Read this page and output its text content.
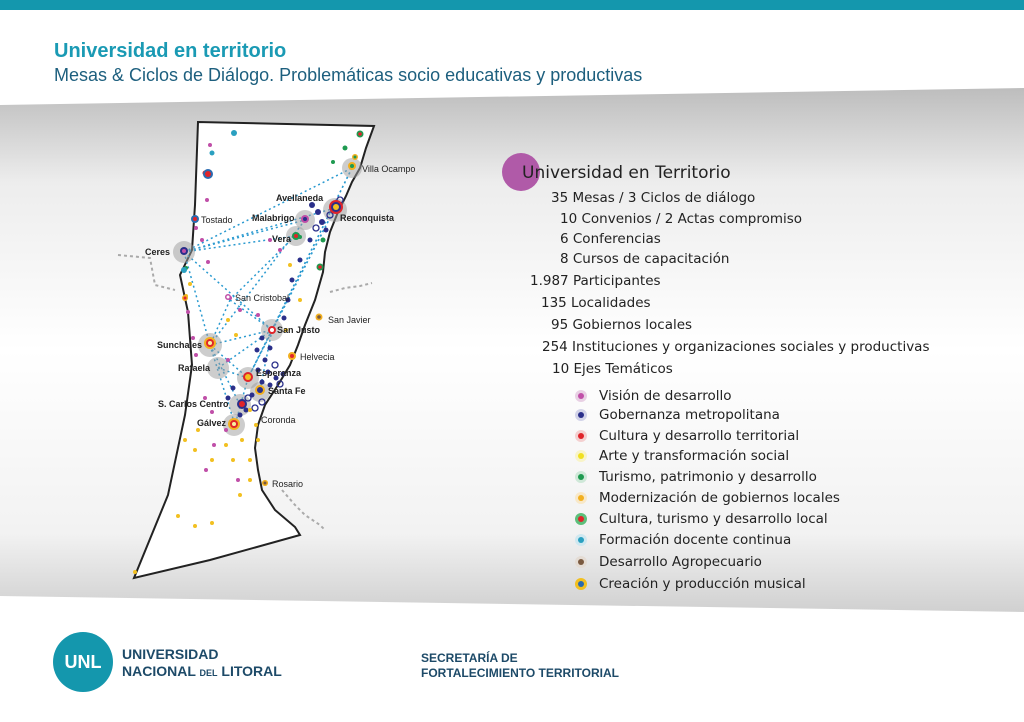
Universidad en territorio
Mesas & Ciclos de Diálogo. Problemáticas socio educativas y productivas
Villa Ocampo
Avellaneda
Reconquista
Malabrigo
Vera
Tostado
Ceres
San Cristobal
San Javier
San Justo
Sunchales
Helvecia
Rafaela	Esperanza
Santa Fe
S. Carlos Centro
Gálvez	Coronda
Rosario
Universidad en Territorio
35 Mesas / 3 Ciclos de diálogo
10 Convenios / 2 Actas compromiso
6 Conferencias
8 Cursos de capacitación
1.987 Participantes
135 Localidades
95 Gobiernos locales
254 Instituciones y organizaciones sociales y productivas
10 Ejes Temáticos
Visión de desarrollo
Gobernanza metropolitana
Cultura y desarrollo territorial
Arte y transformación social
Turismo, patrimonio y desarrollo
Modernización de gobiernos locales
Cultura, turismo y desarrollo local
Formación docente continua
Desarrollo Agropecuario
Creación y producción musical
UNL UNIVERSIDAD
NACIONAL DEL LITORAL
SECRETARÍA DE
FORTALECIMIENTO TERRITORIAL
